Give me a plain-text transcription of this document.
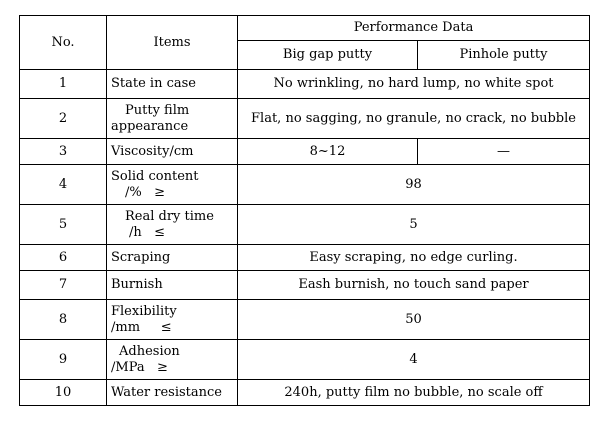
No.	Items	Performance Data	
		Big gap putty	Pinhole putty
1	State in case	No wrinkling, no hard lump, no white spot	
2	Putty film
appearance	Flat, no sagging, no granule, no crack, no bubble	
3	Viscosity/cm	8~12	—
4	Solid content
/%   ≥	98	
5	Real dry time
/h   ≤	5	
6	Scraping	Easy scraping, no edge curling.	
7	Burnish	Eash burnish, no touch sand paper	
8	Flexibility
/mm     ≤	50	
9	Adhesion
/MPa   ≥	4	
10	Water resistance	240h, putty film no bubble, no scale off	
